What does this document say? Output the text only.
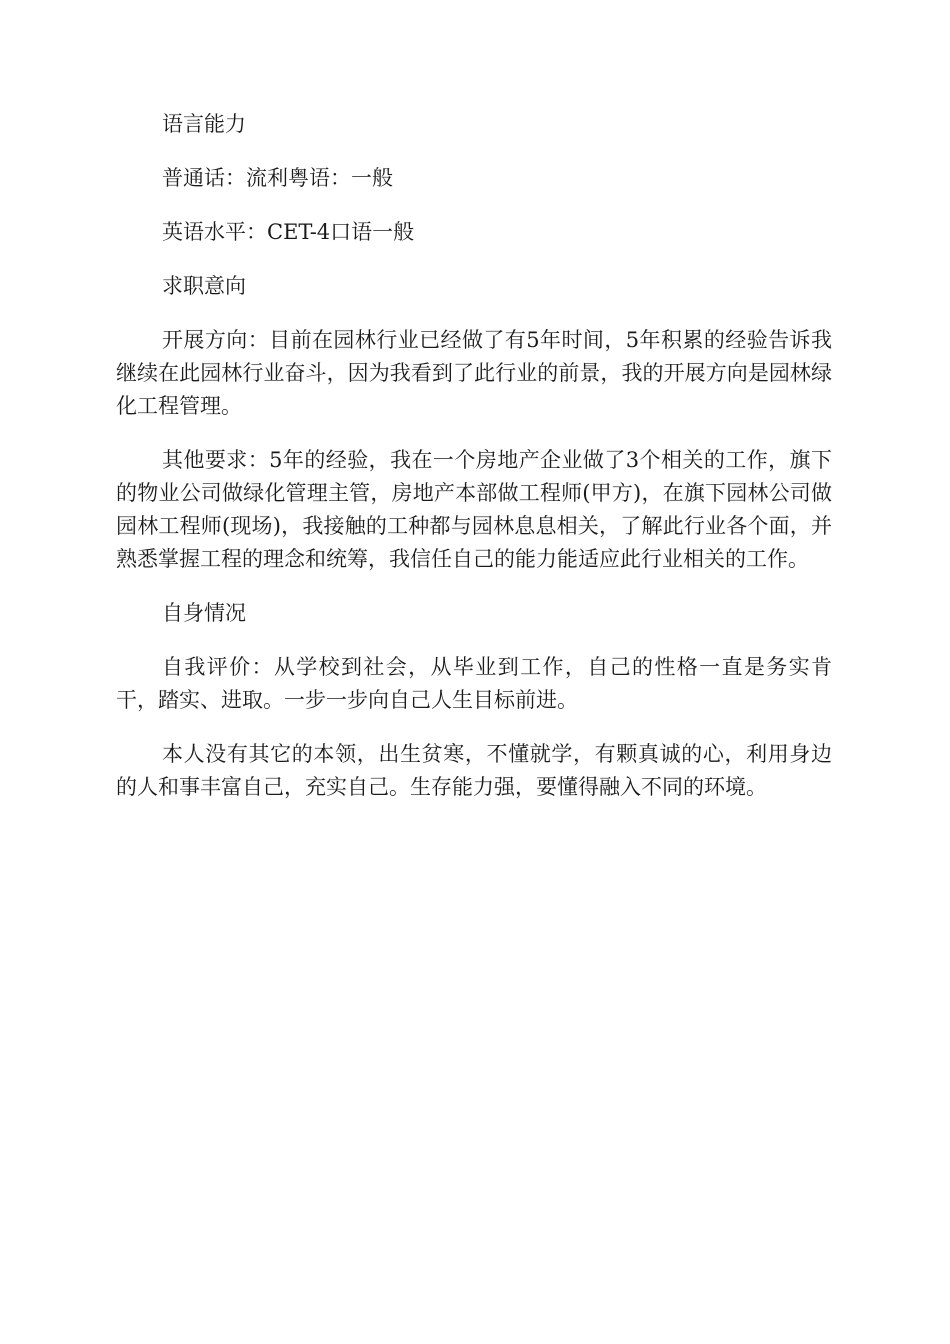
语言能力

普通话：流利粤语：一般

英语水平：CET-4口语一般

求职意向

开展方向：目前在园林行业已经做了有5年时间，5年积累的经验告诉我继续在此园林行业奋斗，因为我看到了此行业的前景，我的开展方向是园林绿化工程管理。

其他要求：5年的经验，我在一个房地产企业做了3个相关的工作，旗下的物业公司做绿化管理主管，房地产本部做工程师(甲方)，在旗下园林公司做园林工程师(现场)，我接触的工种都与园林息息相关，了解此行业各个面，并熟悉掌握工程的理念和统筹，我信任自己的能力能适应此行业相关的工作。

自身情况

自我评价：从学校到社会，从毕业到工作，自己的性格一直是务实肯干，踏实、进取。一步一步向自己人生目标前进。

本人没有其它的本领，出生贫寒，不懂就学，有颗真诚的心，利用身边的人和事丰富自己，充实自己。生存能力强，要懂得融入不同的环境。
